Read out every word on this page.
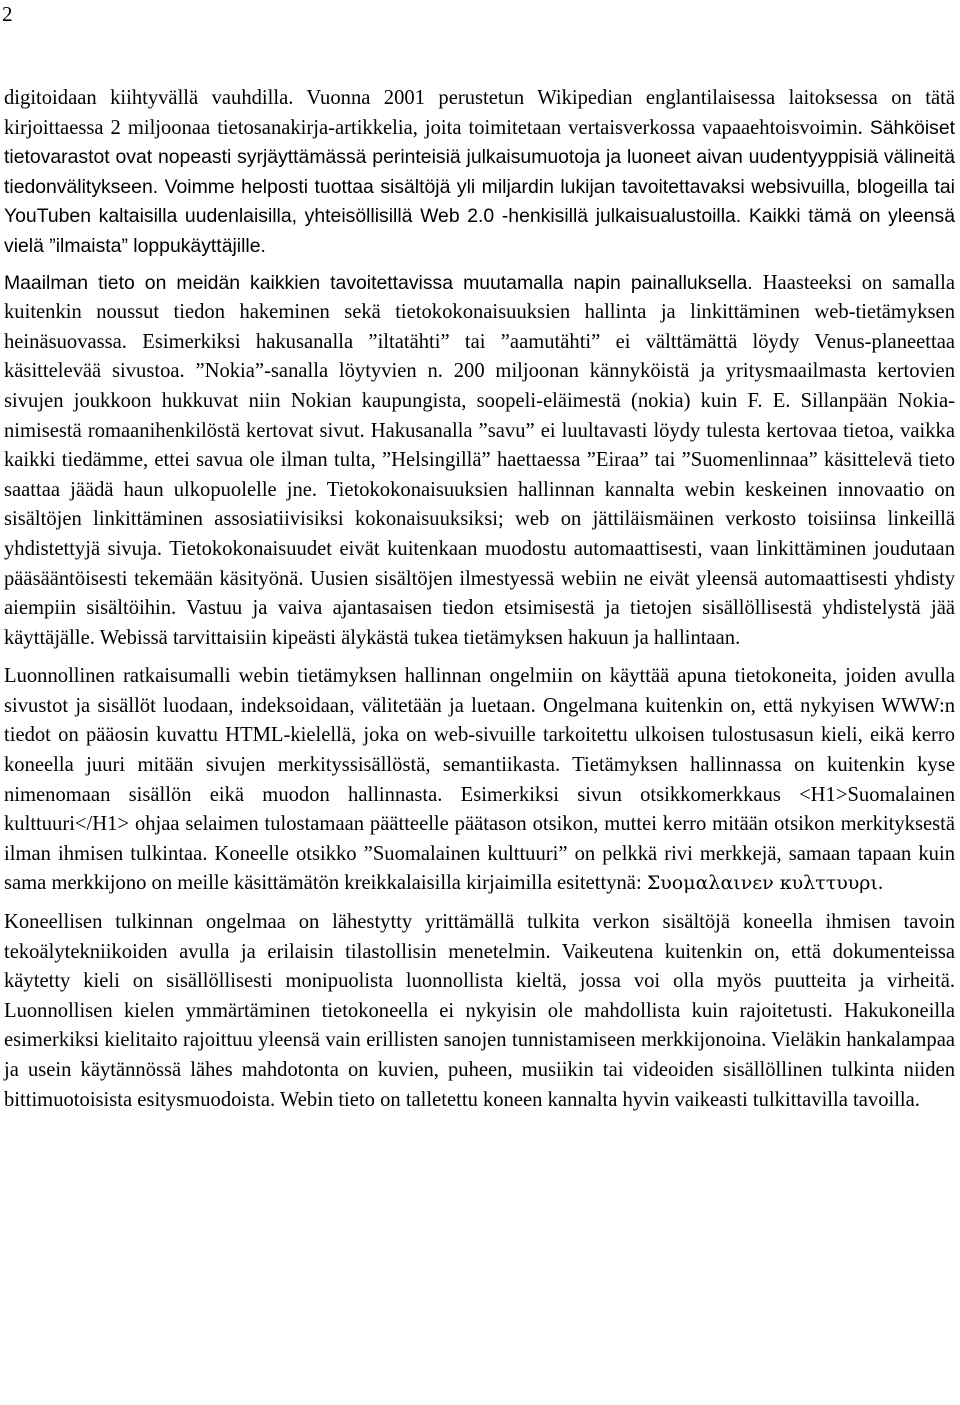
2

digitoidaan kiihtyvällä vauhdilla. Vuonna 2001 perustetun Wikipedian englantilaisessa laitoksessa on tätä kirjoittaessa 2 miljoonaa tietosanakirja-artikkelia, joita toimitetaan vertaisverkossa vapaaehtoisvoimin. Sähköiset tietovarastot ovat nopeasti syrjäyttämässä perinteisiä julkaisumuotoja ja luoneet aivan uudentyyppisiä välineitä tiedonvälitykseen. Voimme helposti tuottaa sisältöjä yli miljardin lukijan tavoitettavaksi websivuilla, blogeilla tai YouTuben kaltaisilla uudenlaisilla, yhteisöllisillä Web 2.0 -henkisillä julkaisualustoilla. Kaikki tämä on yleensä vielä ”ilmaista” loppukäyttäjille.

Maailman tieto on meidän kaikkien tavoitettavissa muutamalla napin painalluksella. Haasteeksi on samalla kuitenkin noussut tiedon hakeminen sekä tietokokonaisuuksien hallinta ja linkittäminen web-tietämyksen heinäsuovassa. Esimerkiksi hakusanalla ”iltatähti” tai ”aamutähti” ei välttämättä löydy Venus-planeettaa käsittelevää sivustoa. ”Nokia”-sanalla löytyvien n. 200 miljoonan kännyköistä ja yritysmaailmasta kertovien sivujen joukkoon hukkuvat niin Nokian kaupungista, soopeli-eläimestä (nokia) kuin F. E. Sillanpään Nokia-nimisestä romaanihenkilöstä kertovat sivut. Hakusanalla ”savu” ei luultavasti löydy tulesta kertovaa tietoa, vaikka kaikki tiedämme, ettei savua ole ilman tulta, ”Helsingillä” haettaessa ”Eiraa” tai ”Suomenlinnaa” käsittelevä tieto saattaa jäädä haun ulkopuolelle jne. Tietokokonaisuuksien hallinnan kannalta webin keskeinen innovaatio on sisältöjen linkittäminen assosiatiivisiksi kokonaisuuksiksi; web on jättiläismäinen verkosto toisiinsa linkeillä yhdistettyjä sivuja. Tietokokonaisuudet eivät kuitenkaan muodostu automaattisesti, vaan linkittäminen joudutaan pääsääntöisesti tekemään käsityönä. Uusien sisältöjen ilmestyessä webiin ne eivät yleensä automaattisesti yhdisty aiempiin sisältöihin. Vastuu ja vaiva ajantasaisen tiedon etsimisestä ja tietojen sisällöllisestä yhdistelystä jää käyttäjälle. Webissä tarvittaisiin kipeästi älykästä tukea tietämyksen hakuun ja hallintaan.

Luonnollinen ratkaisumalli webin tietämyksen hallinnan ongelmiin on käyttää apuna tietokoneita, joiden avulla sivustot ja sisällöt luodaan, indeksoidaan, välitetään ja luetaan. Ongelmana kuitenkin on, että nykyisen WWW:n tiedot on pääosin kuvattu HTML-kielellä, joka on web-sivuille tarkoitettu ulkoisen tulostusasun kieli, eikä kerro koneella juuri mitään sivujen merkityssisällöstä, semantiikasta. Tietämyksen hallinnassa on kuitenkin kyse nimenomaan sisällön eikä muodon hallinnasta. Esimerkiksi sivun otsikkomerkkaus <H1>Suomalainen kulttuuri</H1> ohjaa selaimen tulostamaan päätteelle päätason otsikon, muttei kerro mitään otsikon merkityksestä ilman ihmisen tulkintaa. Koneelle otsikko ”Suomalainen kulttuuri” on pelkkä rivi merkkejä, samaan tapaan kuin sama merkkijono on meille käsittämätön kreikkalaisilla kirjaimilla esitettynä: Συομαλαινεν κυλττυυρι.

Koneellisen tulkinnan ongelmaa on lähestytty yrittämällä tulkita verkon sisältöjä koneella ihmisen tavoin tekoälytekniikoiden avulla ja erilaisin tilastollisin menetelmin. Vaikeutena kuitenkin on, että dokumenteissa käytetty kieli on sisällöllisesti monipuolista luonnollista kieltä, jossa voi olla myös puutteita ja virheitä. Luonnollisen kielen ymmärtäminen tietokoneella ei nykyisin ole mahdollista kuin rajoitetusti. Hakukoneilla esimerkiksi kielitaito rajoittuu yleensä vain erillisten sanojen tunnistamiseen merkkijonoina. Vieläkin hankalampaa ja usein käytännössä lähes mahdotonta on kuvien, puheen, musiikin tai videoiden sisällöllinen tulkinta niiden bittimuotoisista esitysmuodoista. Webin tieto on talletettu koneen kannalta hyvin vaikeasti tulkittavilla tavoilla.
